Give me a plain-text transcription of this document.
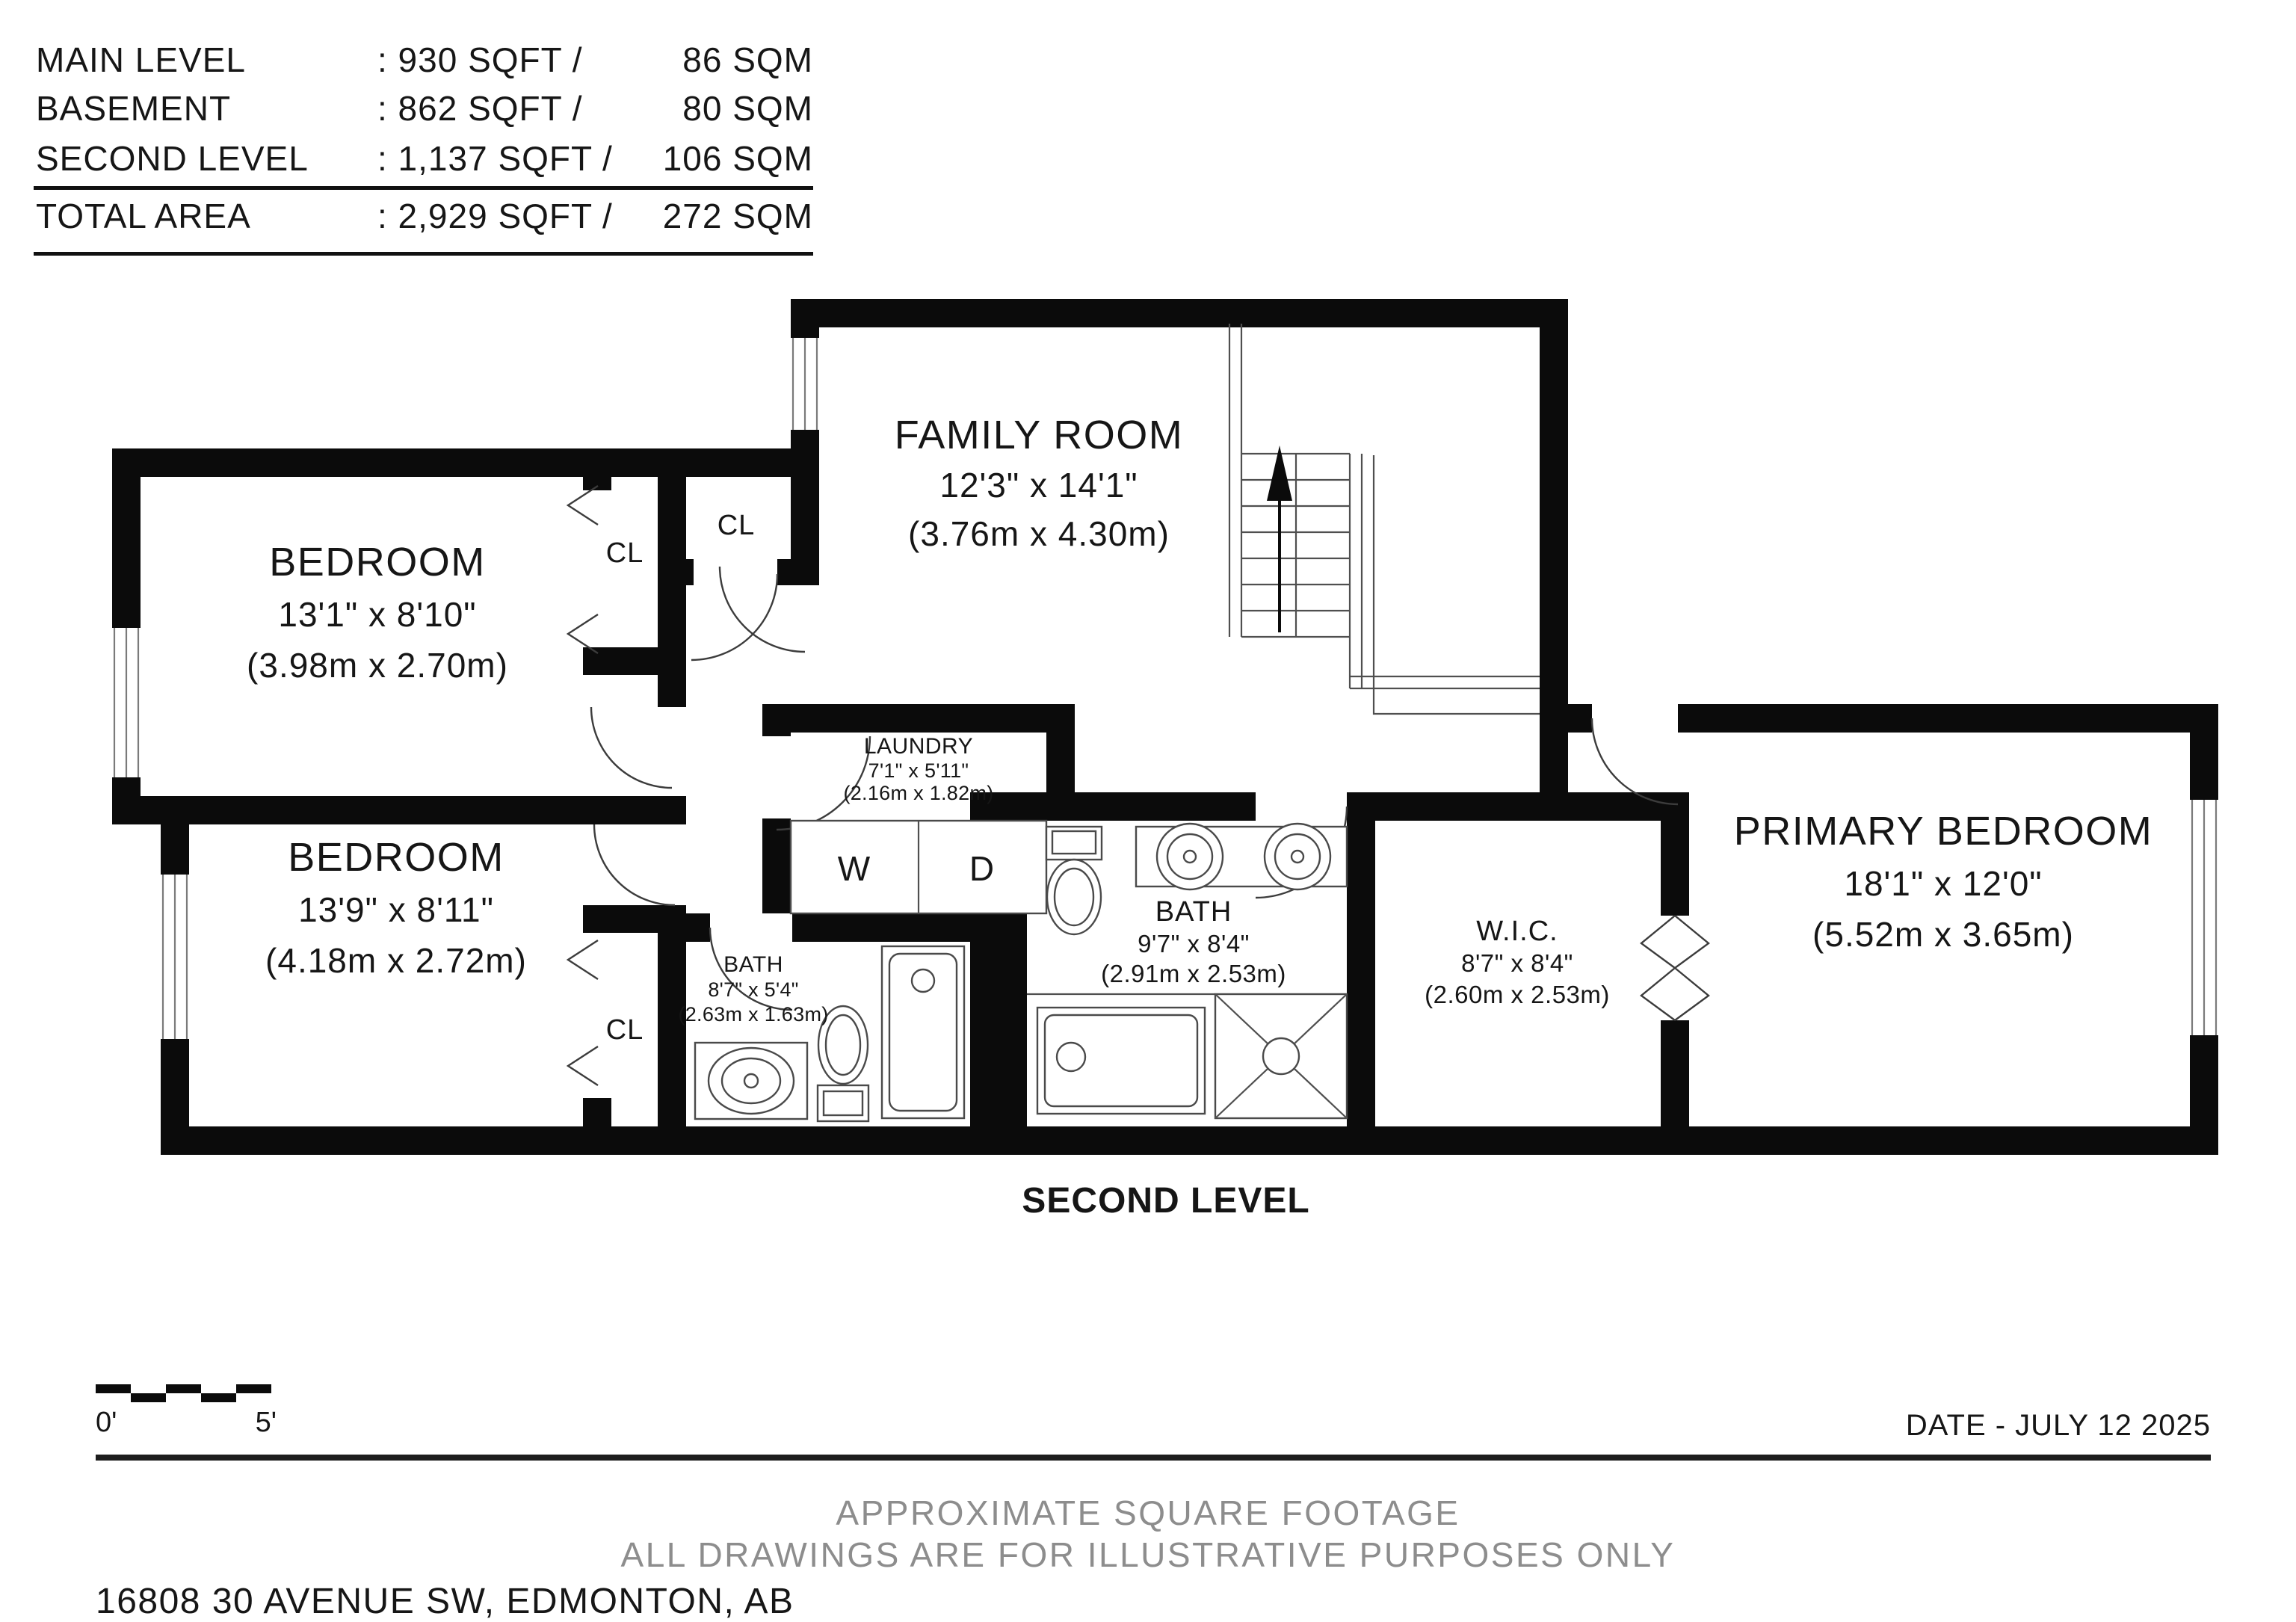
MAIN LEVEL	: 930 SQFT /	86 SQM
BASEMENT	: 862 SQFT /	80 SQM
SECOND LEVEL : 1,137 SQFT / 106 SQM
TOTAL AREA	: 2,929 SQFT / 272 SQM
W	D
BEDROOM
13'1" x 8'10"
(3.98m x 2.70m)
BEDROOM
13'9" x 8'11"
(4.18m x 2.72m)
FAMILY ROOM
12'3" x 14'1"
(3.76m x 4.30m)
LAUNDRY
7'1" x 5'11"
(2.16m x 1.82m)
BATH
8'7" x 5'4"
(2.63m x 1.63m)
BATH
9'7" x 8'4"
(2.91m x 2.53m)
W.I.C.
8'7" x 8'4"
(2.60m x 2.53m)
PRIMARY BEDROOM
18'1" x 12'0"
(5.52m x 3.65m)
CL
CL
CL
SECOND LEVEL
0'	5'	DATE - JULY 12 2025
APPROXIMATE SQUARE FOOTAGE
ALL DRAWINGS ARE FOR ILLUSTRATIVE PURPOSES ONLY
16808 30 AVENUE SW, EDMONTON, AB
